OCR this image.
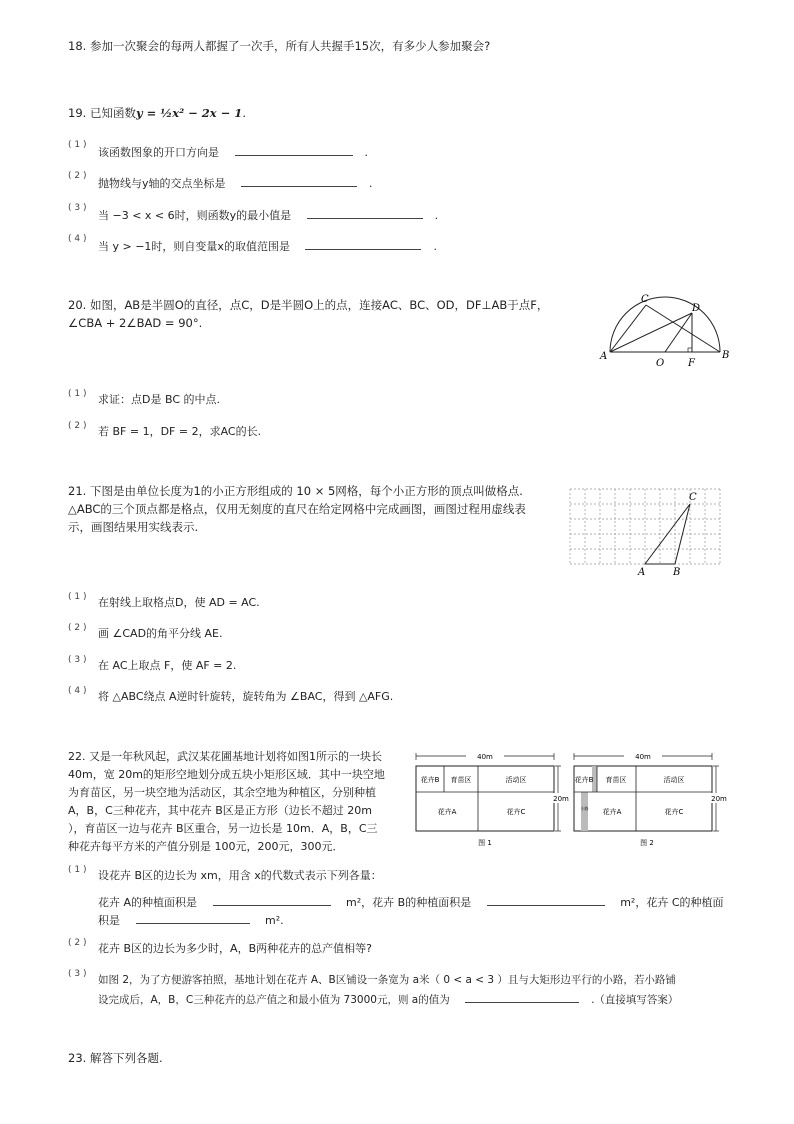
18. 参加一次聚会的每两人都握了一次手，所有人共握手15次，有多少人参加聚会?
19. 已知函数y = ½x² − 2x − 1.
( 1 )
该函数图象的开口方向是	.
( 2 )
抛物线与y轴的交点坐标是	.
( 3 )
当 −3 < x < 6时，则函数y的最小值是	.
( 4 )
当 y > −1时，则自变量x的取值范围是	.
20. 如图，AB是半圆O的直径，点C，D是半圆O上的点，连接AC、BC、OD，DF⊥AB于点F，
∠CBA + 2∠BAD = 90°.
A	B
C
D
O F
( 1 ) 求证：点D是 BC 的中点.
( 2 ) 若 BF = 1，DF = 2，求AC的长.
21. 下图是由单位长度为1的小正方形组成的 10 × 5网格，每个小正方形的顶点叫做格点.
△ABC的三个顶点都是格点，仅用无刻度的直尺在给定网格中完成画图，画图过程用虚线表
示，画图结果用实线表示.
A	B
C
( 1 ) 在射线上取格点D，使 AD = AC.
( 2 ) 画 ∠CAD的角平分线 AE.
( 3 ) 在 AC上取点 F，使 AF = 2.
( 4 ) 将 △ABC绕点 A逆时针旋转，旋转角为 ∠BAC，得到 △AFG.
22. 又是一年秋风起，武汉某花圃基地计划将如图1所示的一块长
40m，宽 20m的矩形空地划分成五块小矩形区域．其中一块空地
为育苗区，另一块空地为活动区，其余空地为种植区，分别种植
A，B，C三种花卉，其中花卉 B区是正方形（边长不超过 20m
），育苗区一边与花卉 B区重合，另一边长是 10m．A，B，C三
种花卉每平方米的产值分别是 100元，200元，300元．
40m
20m
花卉B 育苗区	活动区
花卉A	花卉C
图 1
40m
20m
花卉B
小路
育苗区	活动区
花卉A	花卉C
图 2
( 1 ) 设花卉 B区的边长为 xm，用含 x的代数式表示下列各量：
花卉 A的种植面积是	m²，花卉 B的种植面积是	m²，花卉 C的种植面
积是	m².
( 2 ) 花卉 B区的边长为多少时，A，B两种花卉的总产值相等?
( 3 ) 如图 2，为了方便游客拍照，基地计划在花卉 A、B区铺设一条宽为 a米（ 0 < a < 3 ）且与大矩形边平行的小路，若小路铺
设完成后，A，B，C三种花卉的总产值之和最小值为 73000元，则 a的值为	.（直接填写答案）
23. 解答下列各题.
